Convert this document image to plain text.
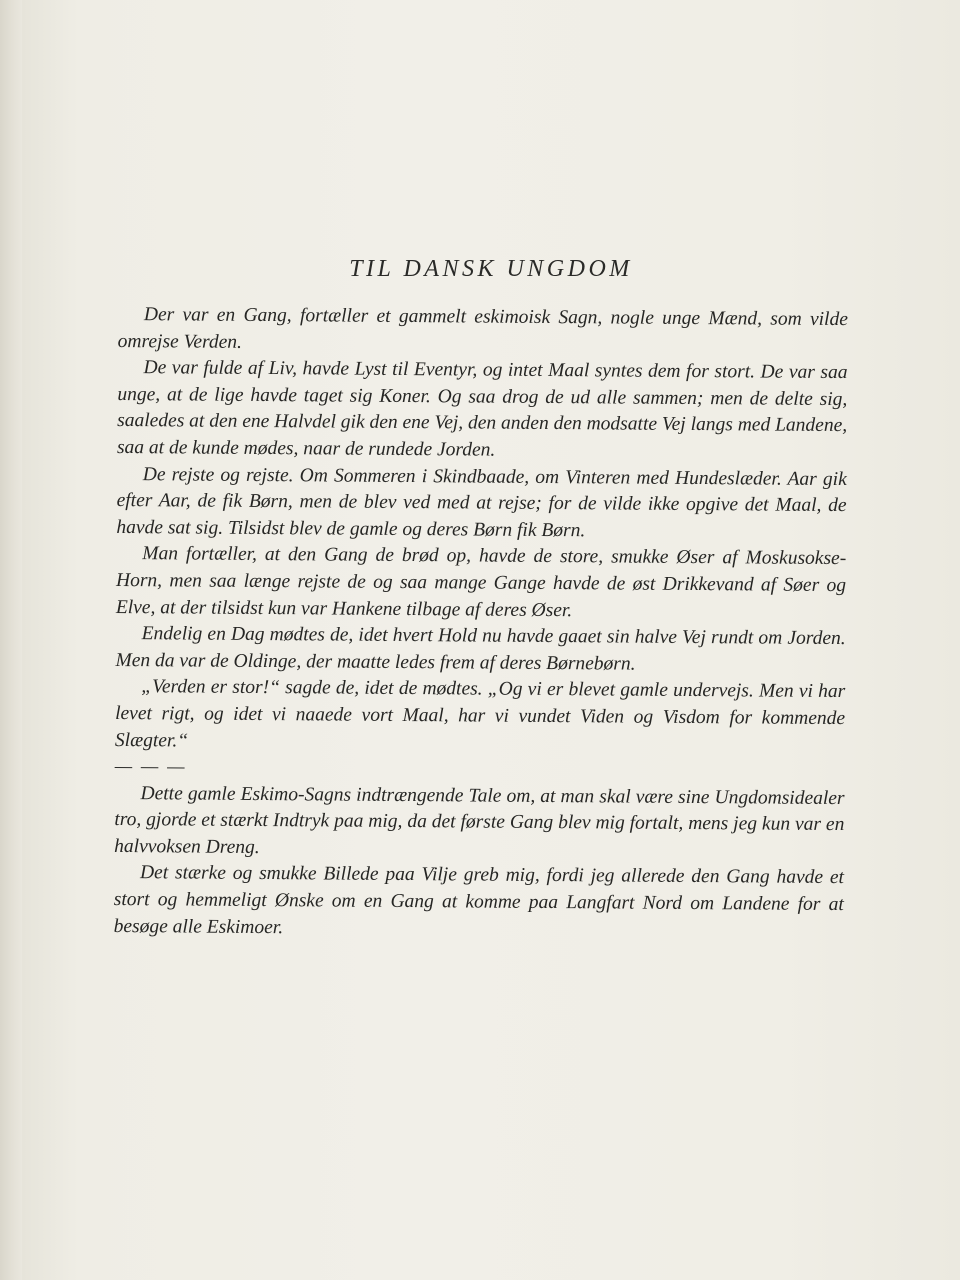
TIL DANSK UNGDOM

Der var en Gang, fortæller et gammelt eskimoisk Sagn, nogle unge Mænd, som vilde omrejse Verden.

De var fulde af Liv, havde Lyst til Eventyr, og intet Maal syntes dem for stort. De var saa unge, at de lige havde taget sig Koner. Og saa drog de ud alle sammen; men de delte sig, saaledes at den ene Halvdel gik den ene Vej, den anden den modsatte Vej langs med Landene, saa at de kunde mødes, naar de rundede Jorden.

De rejste og rejste. Om Sommeren i Skindbaade, om Vinteren med Hundeslæder. Aar gik efter Aar, de fik Børn, men de blev ved med at rejse; for de vilde ikke opgive det Maal, de havde sat sig. Tilsidst blev de gamle og deres Børn fik Børn.

Man fortæller, at den Gang de brød op, havde de store, smukke Øser af Moskusokse-Horn, men saa længe rejste de og saa mange Gange havde de øst Drikkevand af Søer og Elve, at der tilsidst kun var Hankene tilbage af deres Øser.

Endelig en Dag mødtes de, idet hvert Hold nu havde gaaet sin halve Vej rundt om Jorden. Men da var de Oldinge, der maatte ledes frem af deres Børnebørn.

„Verden er stor!“ sagde de, idet de mødtes. „Og vi er blevet gamle undervejs. Men vi har levet rigt, og idet vi naaede vort Maal, har vi vundet Viden og Visdom for kommende Slægter.“

— — —

Dette gamle Eskimo-Sagns indtrængende Tale om, at man skal være sine Ungdomsidealer tro, gjorde et stærkt Indtryk paa mig, da det første Gang blev mig fortalt, mens jeg kun var en halvvoksen Dreng.

Det stærke og smukke Billede paa Vilje greb mig, fordi jeg allerede den Gang havde et stort og hemmeligt Ønske om en Gang at komme paa Langfart Nord om Landene for at besøge alle Eskimoer.
